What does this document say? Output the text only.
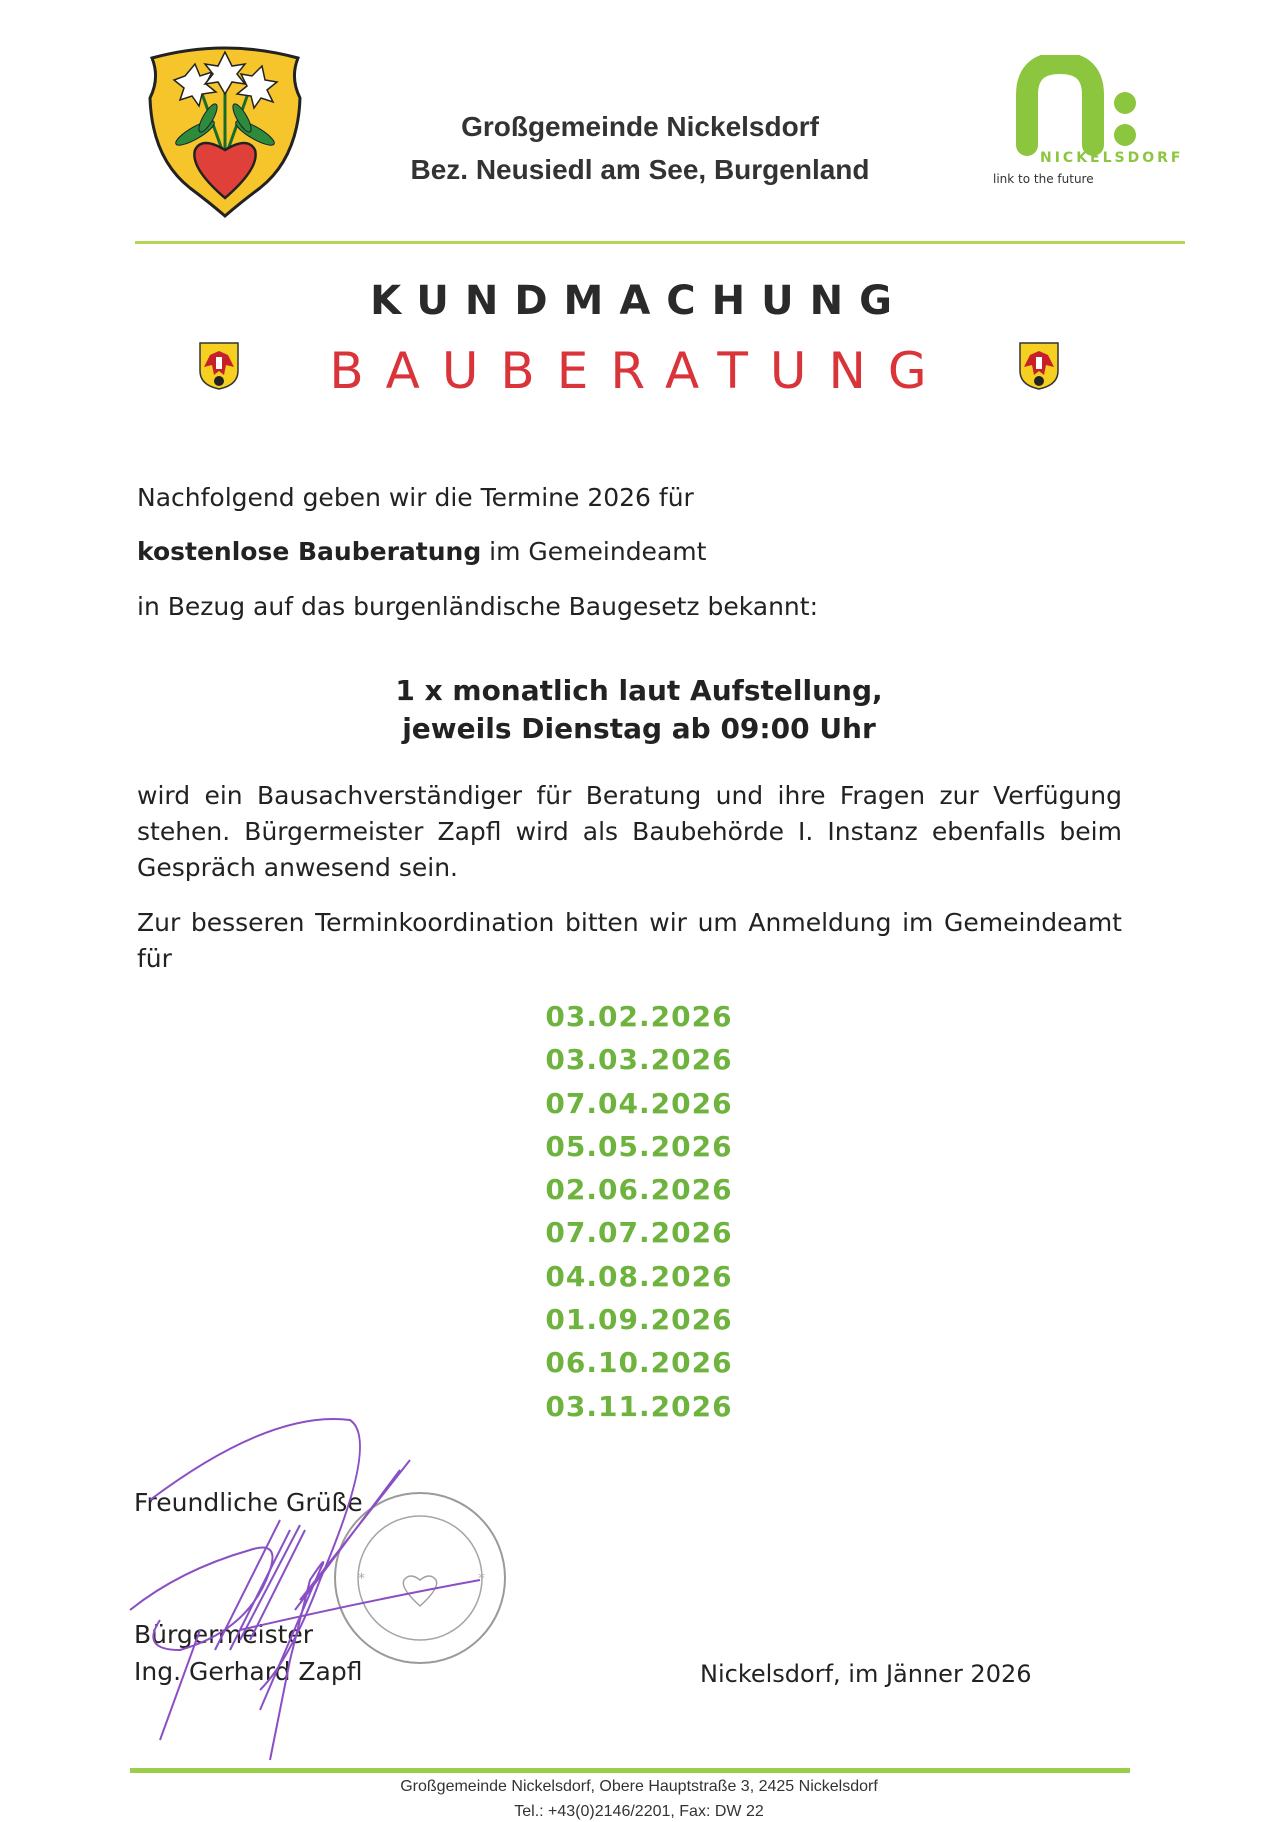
Großgemeinde Nickelsdorf
Bez. Neusiedl am See, Burgenland	NICKELSDORF
link to the future
KUNDMACHUNG
BAUBERATUNG
Nachfolgend geben wir die Termine 2026 für
kostenlose Bauberatung im Gemeindeamt
in Bezug auf das burgenländische Baugesetz bekannt:
1 x monatlich laut Aufstellung,
jeweils Dienstag ab 09:00 Uhr
wird ein Bausachverständiger für Beratung und ihre Fragen zur Verfügung stehen. Bürgermeister Zapfl wird als Baubehörde I. Instanz ebenfalls beim Gespräch anwesend sein.
Zur besseren Terminkoordination bitten wir um Anmeldung im Gemeindeamt für
03.02.2026
03.03.2026
07.04.2026
05.05.2026
02.06.2026
07.07.2026
04.08.2026
01.09.2026
06.10.2026
03.11.2026
*	*
Freundliche Grüße
Bürgermeister
Ing. Gerhard Zapfl	Nickelsdorf, im Jänner 2026
Großgemeinde Nickelsdorf, Obere Hauptstraße 3, 2425 Nickelsdorf
Tel.: +43(0)2146/2201, Fax: DW 22
